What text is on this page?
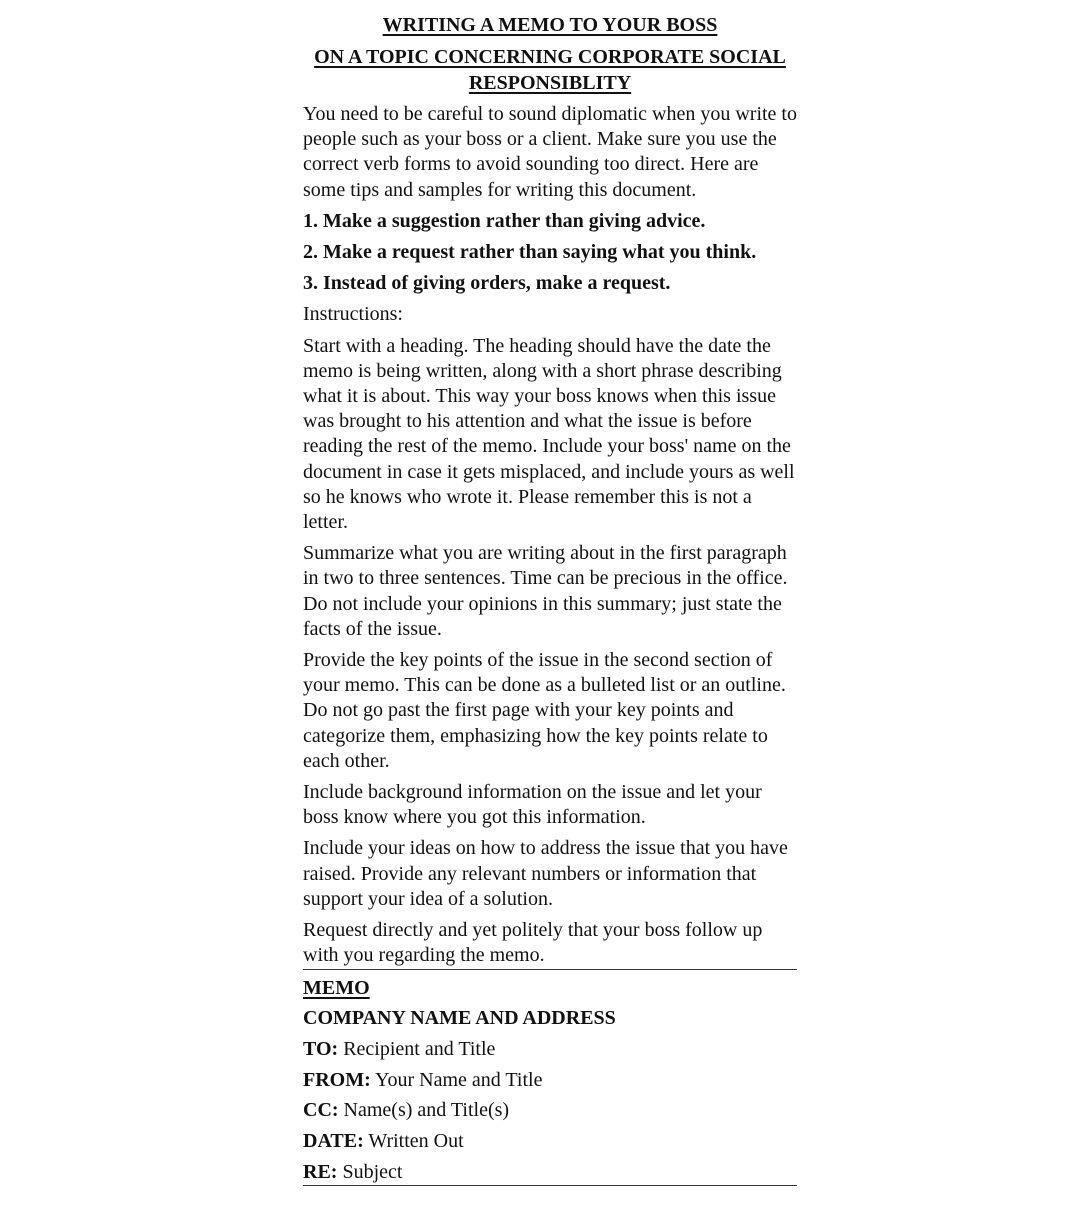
WRITING A MEMO TO YOUR BOSS
ON A TOPIC CONCERNING CORPORATE SOCIAL RESPONSIBLITY

You need to be careful to sound diplomatic when you write to people such as your boss or a client. Make sure you use the correct verb forms to avoid sounding too direct. Here are some tips and samples for writing this document.

1. Make a suggestion rather than giving advice.

2. Make a request rather than saying what you think.

3. Instead of giving orders, make a request.

Instructions:

Start with a heading. The heading should have the date the memo is being written, along with a short phrase describing what it is about. This way your boss knows when this issue was brought to his attention and what the issue is before reading the rest of the memo. Include your boss' name on the document in case it gets misplaced, and include yours as well so he knows who wrote it. Please remember this is not a letter.

Summarize what you are writing about in the first paragraph in two to three sentences. Time can be precious in the office. Do not include your opinions in this summary; just state the facts of the issue.

Provide the key points of the issue in the second section of your memo. This can be done as a bulleted list or an outline. Do not go past the first page with your key points and categorize them, emphasizing how the key points relate to each other.

Include background information on the issue and let your boss know where you got this information.

Include your ideas on how to address the issue that you have raised. Provide any relevant numbers or information that support your idea of a solution.

Request directly and yet politely that your boss follow up with you regarding the memo.

MEMO

COMPANY NAME AND ADDRESS

TO: Recipient and Title

FROM: Your Name and Title

CC: Name(s) and Title(s)

DATE: Written Out

RE: Subject
